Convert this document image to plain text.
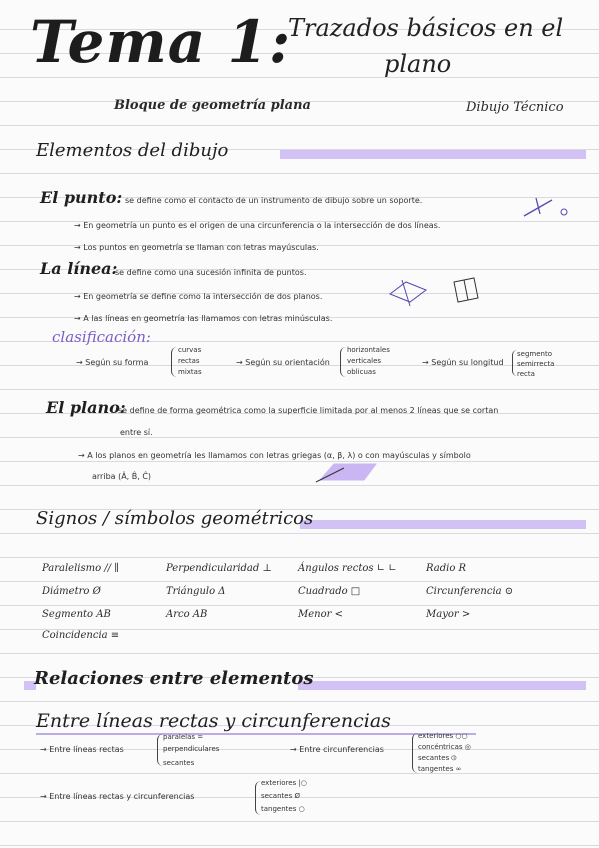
Tema 1:
Trazados básicos en el
plano
Bloque de geometría plana	Dibujo Técnico
Elementos del dibujo
El punto: se define como el contacto de un instrumento de dibujo sobre un soporte.
→ En geometría un punto es el origen de una circunferencia o la intersección de dos líneas.
→ Los puntos en geometría se llaman con letras mayúsculas.
La línea:
se define como una sucesión infinita de puntos.
→ En geometría se define como la intersección de dos planos.
→ A las líneas en geometría las llamamos con letras minúsculas.
clasificación:
→ Según su forma
curvas
rectas
mixtas
→ Según su orientación
horizontales
verticales
oblicuas
→ Según su longitud
segmento
semirrecta
recta
El plano:
se define de forma geométrica como la superficie limitada por al menos 2 líneas que se cortan
entre sí.
→ A los planos en geometría les llamamos con letras griegas (α, β, λ) o con mayúsculas y símbolo
arriba (Â, B̂, Ĉ)
Signos / símbolos geométricos
Paralelismo // ∥	Perpendicularidad ⊥	Ángulos rectos ∟ ∟	Radio R
Diámetro Ø	Triángulo Δ	Cuadrado □	Circunferencia ⊙
Segmento AB	Arco AB	Menor <	Mayor >
Coincidencia ≡
Relaciones entre elementos
Entre líneas rectas y circunferencias
→ Entre líneas rectas
paralelas =
perpendiculares
secantes
→ Entre circunferencias
exteriores ○○
concéntricas ◎
secantes ⦶
tangentes ∞
→ Entre líneas rectas y circunferencias
exteriores |○
secantes Ø
tangentes ○
